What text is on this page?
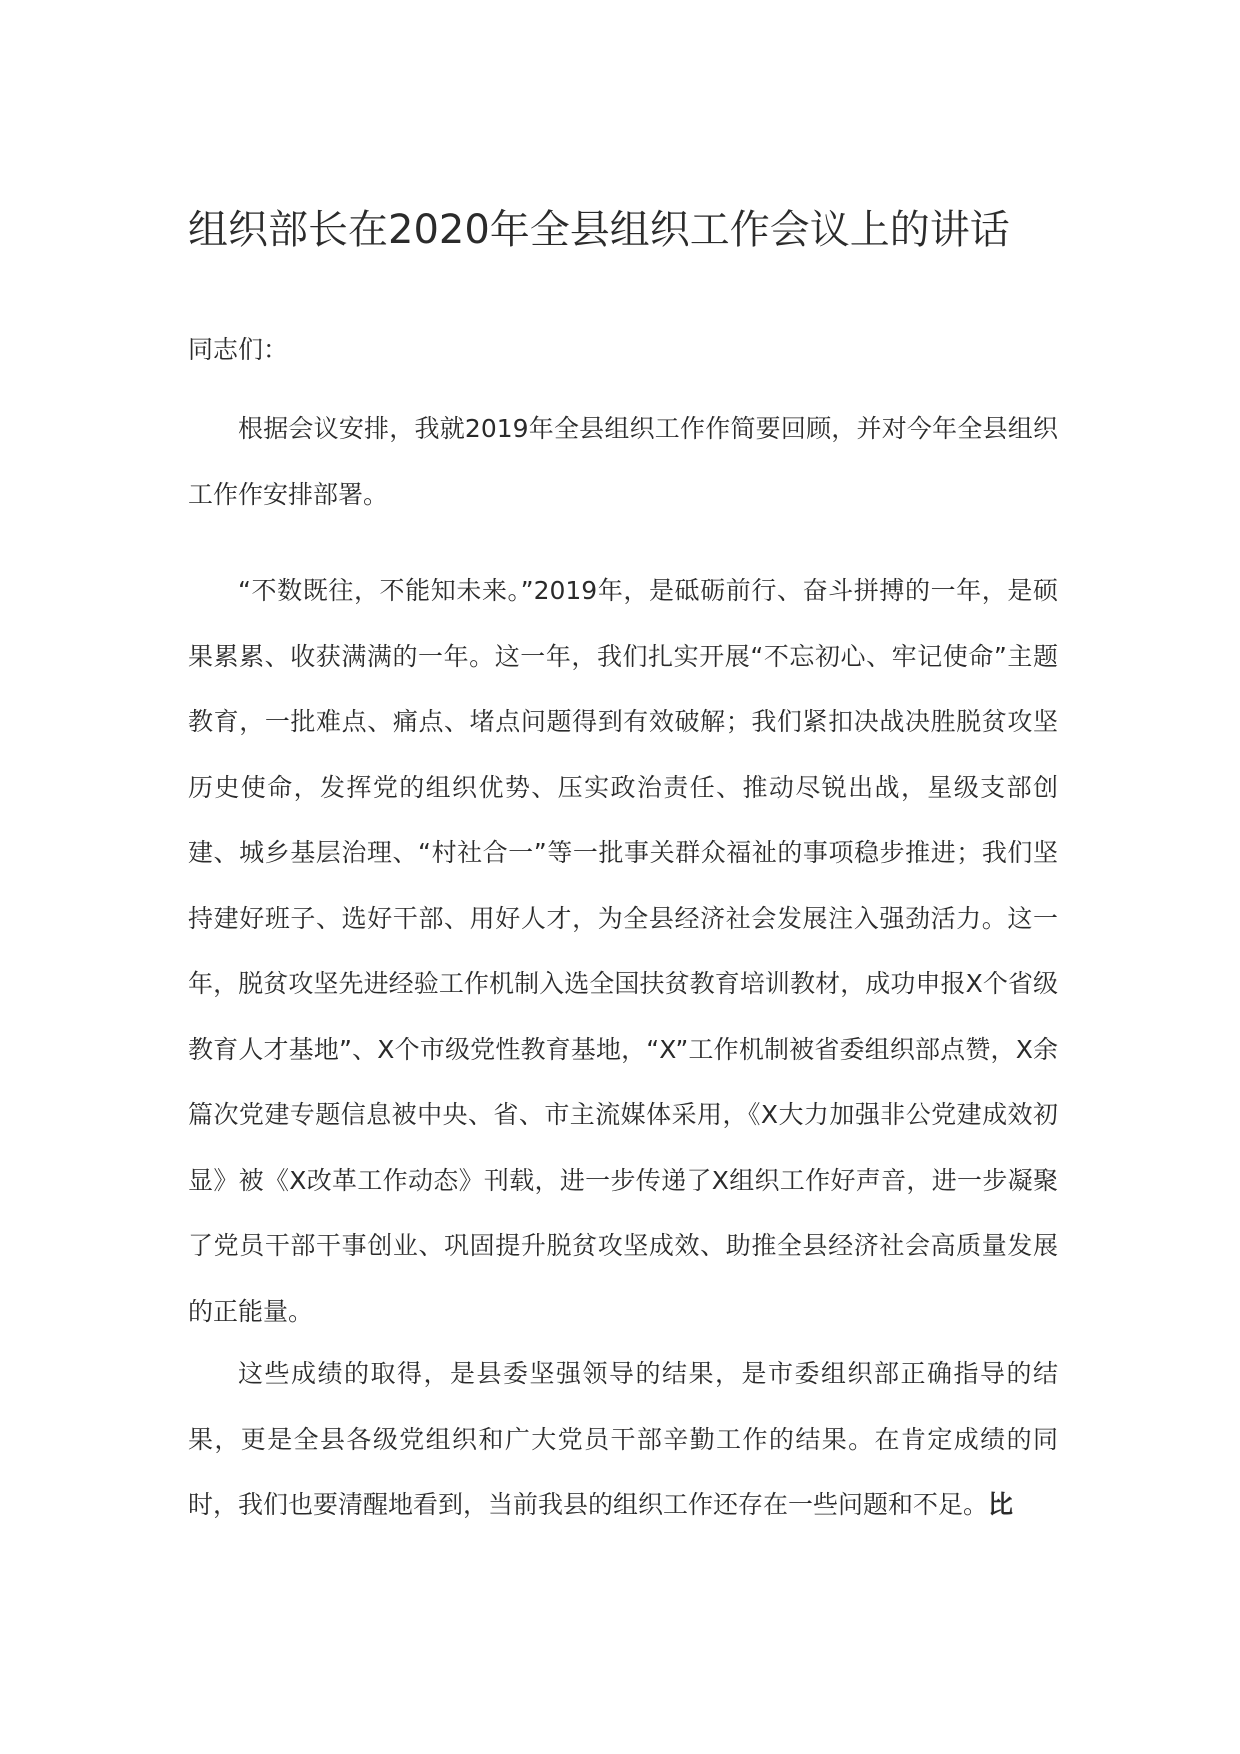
组织部长在2020年全县组织工作会议上的讲话

同志们：

根据会议安排，我就2019年全县组织工作作简要回顾，并对今年全县组织工作作安排部署。

“不数既往，不能知未来。”2019年，是砥砺前行、奋斗拼搏的一年，是硕果累累、收获满满的一年。这一年，我们扎实开展“不忘初心、牢记使命”主题教育，一批难点、痛点、堵点问题得到有效破解；我们紧扣决战决胜脱贫攻坚历史使命，发挥党的组织优势、压实政治责任、推动尽锐出战，星级支部创建、城乡基层治理、“村社合一”等一批事关群众福祉的事项稳步推进；我们坚持建好班子、选好干部、用好人才，为全县经济社会发展注入强劲活力。这一年，脱贫攻坚先进经验工作机制入选全国扶贫教育培训教材，成功申报X个省级教育人才基地”、X个市级党性教育基地，“X”工作机制被省委组织部点赞，X余篇次党建专题信息被中央、省、市主流媒体采用，《X大力加强非公党建成效初显》被《X改革工作动态》刊载，进一步传递了X组织工作好声音，进一步凝聚了党员干部干事创业、巩固提升脱贫攻坚成效、助推全县经济社会高质量发展的正能量。

这些成绩的取得，是县委坚强领导的结果，是市委组织部正确指导的结果，更是全县各级党组织和广大党员干部辛勤工作的结果。在肯定成绩的同时，我们也要清醒地看到，当前我县的组织工作还存在一些问题和不足。比
